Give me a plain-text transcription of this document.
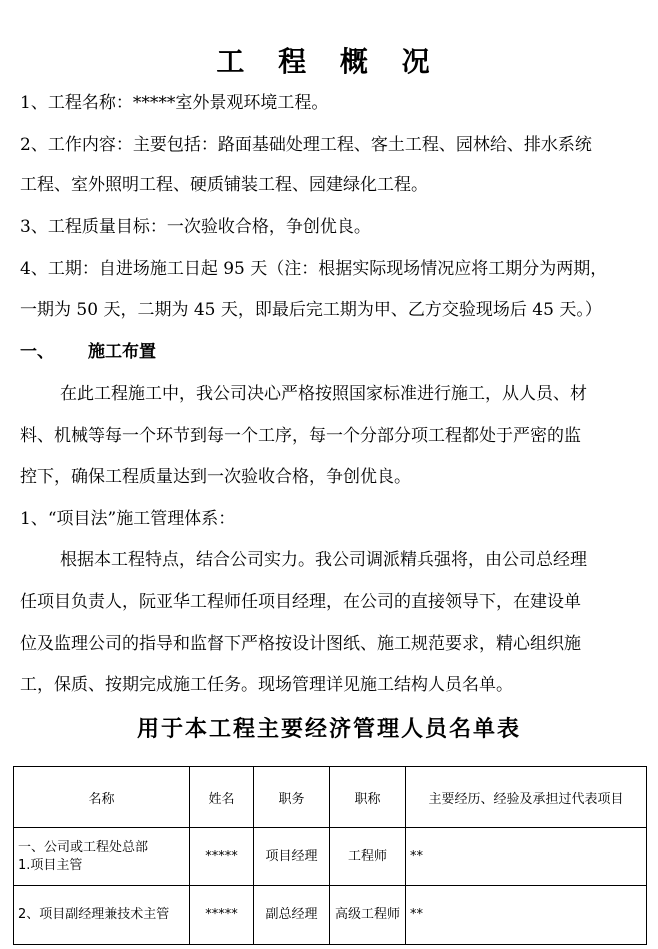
工 程 概 况
1、工程名称：*****室外景观环境工程。
2、工作内容：主要包括：路面基础处理工程、客土工程、园林给、排水系统
工程、室外照明工程、硬质铺装工程、园建绿化工程。
3、工程质量目标：一次验收合格，争创优良。
4、工期：自进场施工日起 95 天（注：根据实际现场情况应将工期分为两期，
一期为 50 天，二期为 45 天，即最后完工期为甲、乙方交验现场后 45 天。）
一、 施工布置
在此工程施工中，我公司决心严格按照国家标准进行施工，从人员、材
料、机械等每一个环节到每一个工序，每一个分部分项工程都处于严密的监
控下，确保工程质量达到一次验收合格，争创优良。
1、“项目法”施工管理体系：
根据本工程特点，结合公司实力。我公司调派精兵强将，由公司总经理
任项目负责人，阮亚华工程师任项目经理，在公司的直接领导下，在建设单
位及监理公司的指导和监督下严格按设计图纸、施工规范要求，精心组织施
工，保质、按期完成施工任务。现场管理详见施工结构人员名单。
用于本工程主要经济管理人员名单表
名称	姓名	职务	职称	主要经历、经验及承担过代表项目

一、公司或工程处总部
1.项目主管	*****	项目经理	工程师	**

2、项目副经理兼技术主管	*****	副总经理	高级工程师	**
